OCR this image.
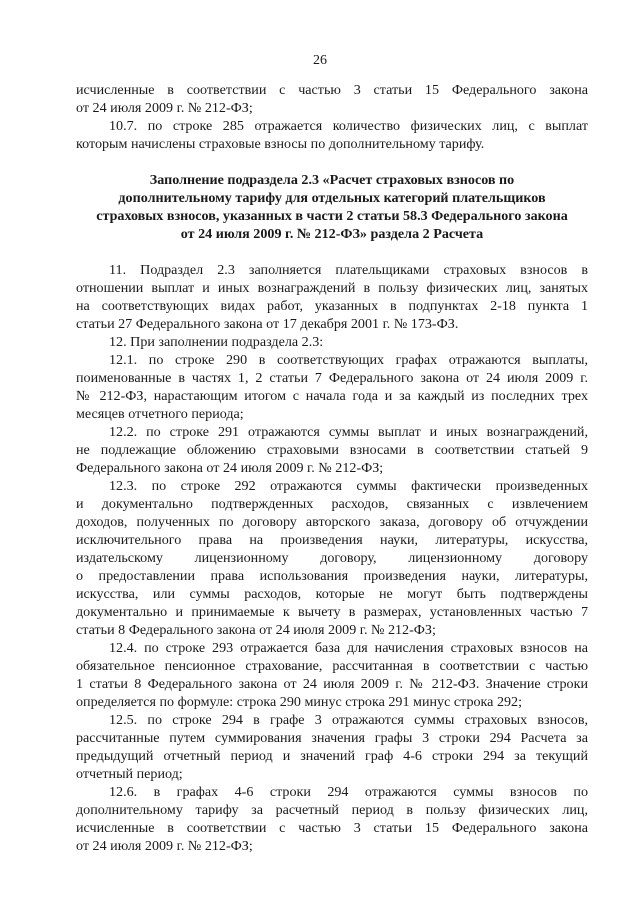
26
исчисленные в соответствии с частью 3 статьи 15 Федерального закона
от 24 июля 2009 г. № 212-ФЗ;
10.7. по строке 285 отражается количество физических лиц, с выплат
которым начислены страховые взносы по дополнительному тарифу.
Заполнение подраздела 2.3 «Расчет страховых взносов по
дополнительному тарифу для отдельных категорий плательщиков
страховых взносов, указанных в части 2 статьи 58.3 Федерального закона
от 24 июля 2009 г. № 212-ФЗ» раздела 2 Расчета
11. Подраздел 2.3 заполняется плательщиками страховых взносов в
отношении выплат и иных вознаграждений в пользу физических лиц, занятых
на соответствующих видах работ, указанных в подпунктах 2-18 пункта 1
статьи 27 Федерального закона от 17 декабря 2001 г. № 173-ФЗ.
12. При заполнении подраздела 2.3:
12.1. по строке 290 в соответствующих графах отражаются выплаты,
поименованные в частях 1, 2 статьи 7 Федерального закона от 24 июля 2009 г.
№ 212-ФЗ, нарастающим итогом с начала года и за каждый из последних трех
месяцев отчетного периода;
12.2. по строке 291 отражаются суммы выплат и иных вознаграждений,
не подлежащие обложению страховыми взносами в соответствии статьей 9
Федерального закона от 24 июля 2009 г. № 212-ФЗ;
12.3. по строке 292 отражаются суммы фактически произведенных
и документально подтвержденных расходов, связанных с извлечением
доходов, полученных по договору авторского заказа, договору об отчуждении
исключительного права на произведения науки, литературы, искусства,
издательскому лицензионному договору, лицензионному договору
о предоставлении права использования произведения науки, литературы,
искусства, или суммы расходов, которые не могут быть подтверждены
документально и принимаемые к вычету в размерах, установленных частью 7
статьи 8 Федерального закона от 24 июля 2009 г. № 212-ФЗ;
12.4. по строке 293 отражается база для начисления страховых взносов на
обязательное пенсионное страхование, рассчитанная в соответствии с частью
1 статьи 8 Федерального закона от 24 июля 2009 г. № 212-ФЗ. Значение строки
определяется по формуле: строка 290 минус строка 291 минус строка 292;
12.5. по строке 294 в графе 3 отражаются суммы страховых взносов,
рассчитанные путем суммирования значения графы 3 строки 294 Расчета за
предыдущий отчетный период и значений граф 4-6 строки 294 за текущий
отчетный период;
12.6. в графах 4-6 строки 294 отражаются суммы взносов по
дополнительному тарифу за расчетный период в пользу физических лиц,
исчисленные в соответствии с частью 3 статьи 15 Федерального закона
от 24 июля 2009 г. № 212-ФЗ;
